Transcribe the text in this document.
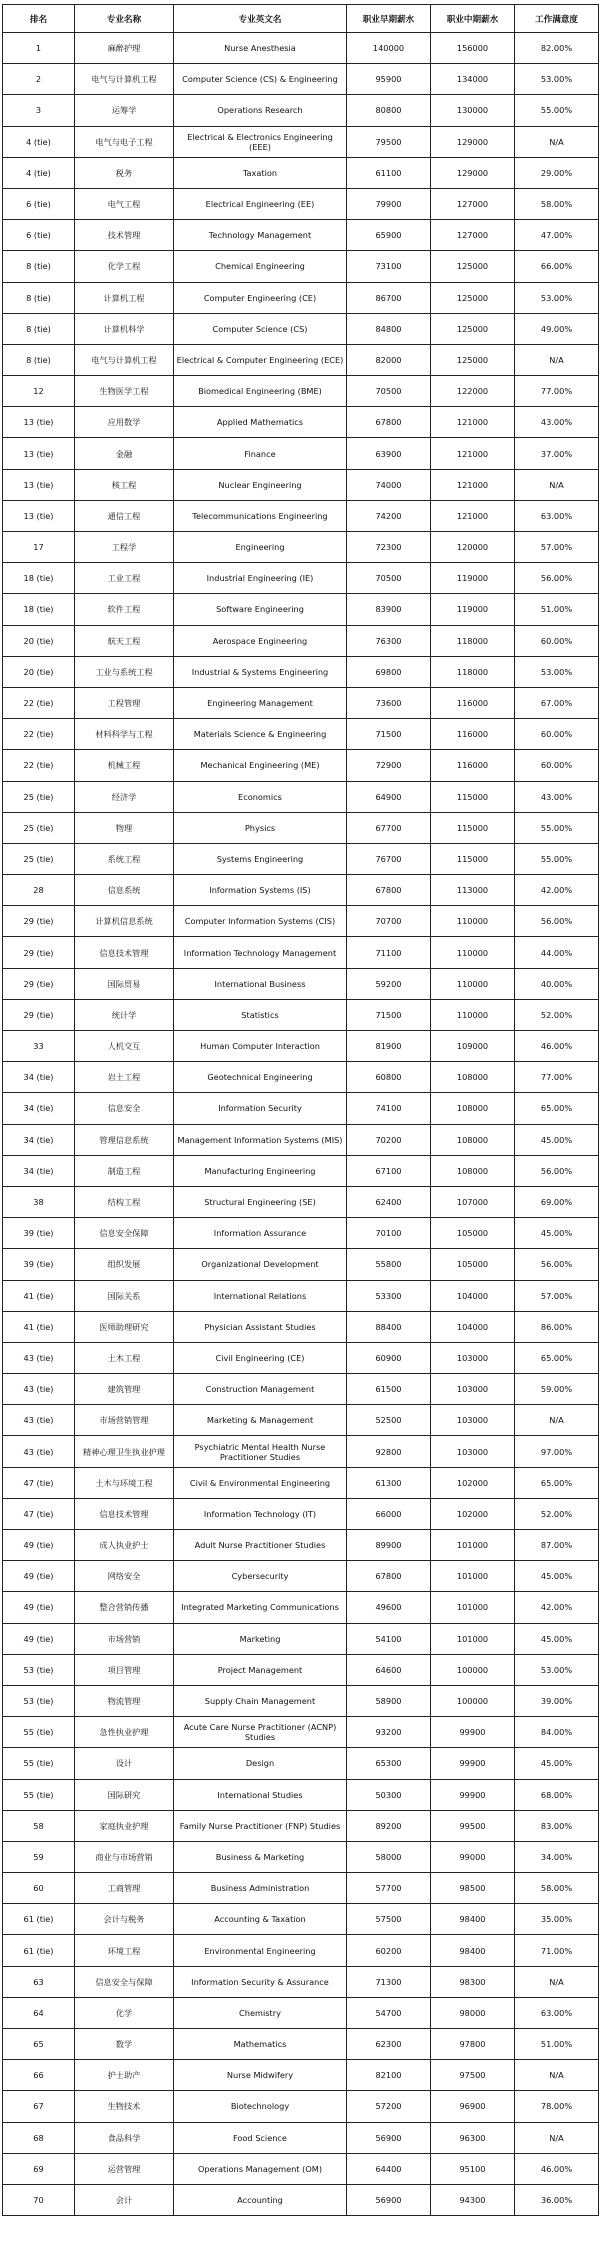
排名	专业名称	专业英文名	职业早期薪水	职业中期薪水	工作满意度
1	麻醉护理	Nurse Anesthesia	140000	156000	82.00%
2	电气与计算机工程	Computer Science (CS) & Engineering	95900	134000	53.00%
3	运筹学	Operations Research	80800	130000	55.00%
4 (tie)	电气与电子工程	Electrical & Electronics Engineering (EEE)	79500	129000	N/A
4 (tie)	税务	Taxation	61100	129000	29.00%
6 (tie)	电气工程	Electrical Engineering (EE)	79900	127000	58.00%
6 (tie)	技术管理	Technology Management	65900	127000	47.00%
8 (tie)	化学工程	Chemical Engineering	73100	125000	66.00%
8 (tie)	计算机工程	Computer Engineering (CE)	86700	125000	53.00%
8 (tie)	计算机科学	Computer Science (CS)	84800	125000	49.00%
8 (tie)	电气与计算机工程	Electrical & Computer Engineering (ECE)	82000	125000	N/A
12	生物医学工程	Biomedical Engineering (BME)	70500	122000	77.00%
13 (tie)	应用数学	Applied Mathematics	67800	121000	43.00%
13 (tie)	金融	Finance	63900	121000	37.00%
13 (tie)	核工程	Nuclear Engineering	74000	121000	N/A
13 (tie)	通信工程	Telecommunications Engineering	74200	121000	63.00%
17	工程学	Engineering	72300	120000	57.00%
18 (tie)	工业工程	Industrial Engineering (IE)	70500	119000	56.00%
18 (tie)	软件工程	Software Engineering	83900	119000	51.00%
20 (tie)	航天工程	Aerospace Engineering	76300	118000	60.00%
20 (tie)	工业与系统工程	Industrial & Systems Engineering	69800	118000	53.00%
22 (tie)	工程管理	Engineering Management	73600	116000	67.00%
22 (tie)	材料科学与工程	Materials Science & Engineering	71500	116000	60.00%
22 (tie)	机械工程	Mechanical Engineering (ME)	72900	116000	60.00%
25 (tie)	经济学	Economics	64900	115000	43.00%
25 (tie)	物理	Physics	67700	115000	55.00%
25 (tie)	系统工程	Systems Engineering	76700	115000	55.00%
28	信息系统	Information Systems (IS)	67800	113000	42.00%
29 (tie)	计算机信息系统	Computer Information Systems (CIS)	70700	110000	56.00%
29 (tie)	信息技术管理	Information Technology Management	71100	110000	44.00%
29 (tie)	国际贸易	International Business	59200	110000	40.00%
29 (tie)	统计学	Statistics	71500	110000	52.00%
33	人机交互	Human Computer Interaction	81900	109000	46.00%
34 (tie)	岩土工程	Geotechnical Engineering	60800	108000	77.00%
34 (tie)	信息安全	Information Security	74100	108000	65.00%
34 (tie)	管理信息系统	Management Information Systems (MIS)	70200	108000	45.00%
34 (tie)	制造工程	Manufacturing Engineering	67100	108000	56.00%
38	结构工程	Structural Engineering (SE)	62400	107000	69.00%
39 (tie)	信息安全保障	Information Assurance	70100	105000	45.00%
39 (tie)	组织发展	Organizational Development	55800	105000	56.00%
41 (tie)	国际关系	International Relations	53300	104000	57.00%
41 (tie)	医师助理研究	Physician Assistant Studies	88400	104000	86.00%
43 (tie)	土木工程	Civil Engineering (CE)	60900	103000	65.00%
43 (tie)	建筑管理	Construction Management	61500	103000	59.00%
43 (tie)	市场营销管理	Marketing & Management	52500	103000	N/A
43 (tie)	精神心理卫生执业护理	Psychiatric Mental Health Nurse Practitioner Studies	92800	103000	97.00%
47 (tie)	土木与环境工程	Civil & Environmental Engineering	61300	102000	65.00%
47 (tie)	信息技术管理	Information Technology (IT)	66000	102000	52.00%
49 (tie)	成人执业护士	Adult Nurse Practitioner Studies	89900	101000	87.00%
49 (tie)	网络安全	Cybersecurity	67800	101000	45.00%
49 (tie)	整合营销传播	Integrated Marketing Communications	49600	101000	42.00%
49 (tie)	市场营销	Marketing	54100	101000	45.00%
53 (tie)	项目管理	Project Management	64600	100000	53.00%
53 (tie)	物流管理	Supply Chain Management	58900	100000	39.00%
55 (tie)	急性执业护理	Acute Care Nurse Practitioner (ACNP) Studies	93200	99900	84.00%
55 (tie)	设计	Design	65300	99900	45.00%
55 (tie)	国际研究	International Studies	50300	99900	68.00%
58	家庭执业护理	Family Nurse Practitioner (FNP) Studies	89200	99500	83.00%
59	商业与市场营销	Business & Marketing	58000	99000	34.00%
60	工商管理	Business Administration	57700	98500	58.00%
61 (tie)	会计与税务	Accounting & Taxation	57500	98400	35.00%
61 (tie)	环境工程	Environmental Engineering	60200	98400	71.00%
63	信息安全与保障	Information Security & Assurance	71300	98300	N/A
64	化学	Chemistry	54700	98000	63.00%
65	数学	Mathematics	62300	97800	51.00%
66	护士助产	Nurse Midwifery	82100	97500	N/A
67	生物技术	Biotechnology	57200	96900	78.00%
68	食品科学	Food Science	56900	96300	N/A
69	运营管理	Operations Management (OM)	64400	95100	46.00%
70	会计	Accounting	56900	94300	36.00%
